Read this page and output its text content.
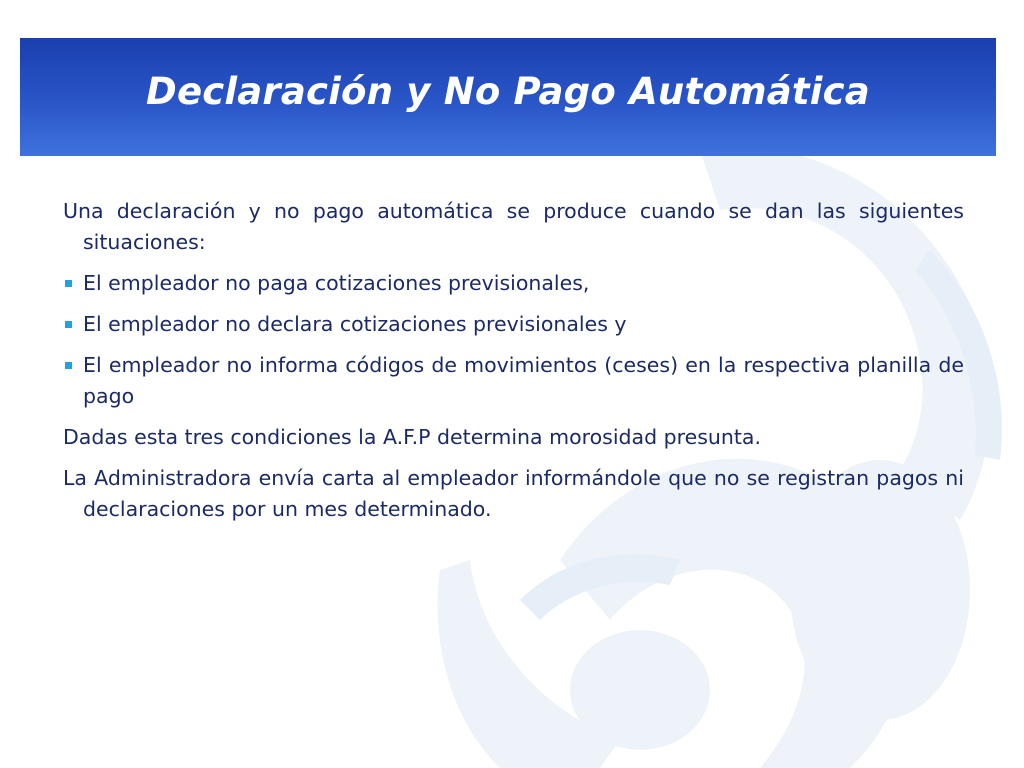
Declaración y No Pago Automática

Una declaración y no pago automática se produce cuando se dan las siguientes situaciones:

El empleador no paga cotizaciones previsionales,
El empleador no declara cotizaciones previsionales y
El empleador no informa códigos de movimientos (ceses) en la respectiva planilla de pago

Dadas esta tres condiciones la A.F.P determina morosidad presunta.

La Administradora envía carta al empleador informándole que no se registran pagos ni declaraciones por un mes determinado.
